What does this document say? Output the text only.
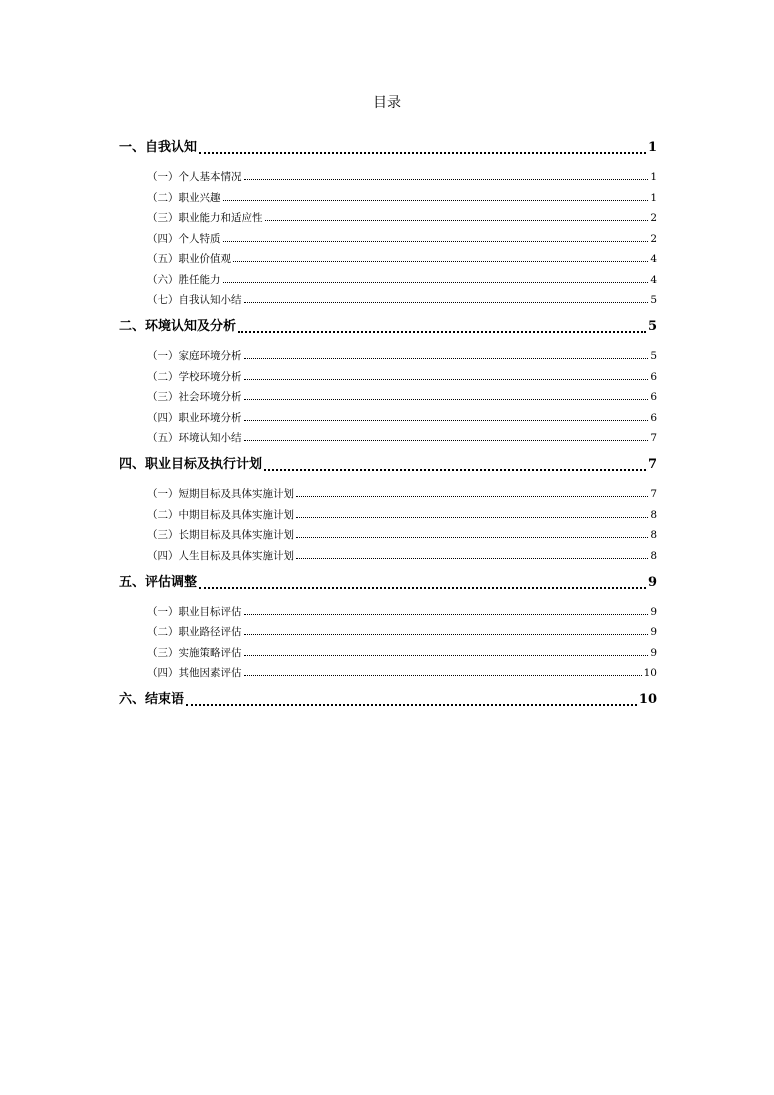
目录
一、自我认知	1
（一）个人基本情况	1
（二）职业兴趣	1
（三）职业能力和适应性	2
（四）个人特质	2
（五）职业价值观	4
（六）胜任能力	4
（七）自我认知小结	5
二、环境认知及分析	5
（一）家庭环境分析	5
（二）学校环境分析	6
（三）社会环境分析	6
（四）职业环境分析	6
（五）环境认知小结	7
四、职业目标及执行计划	7
（一）短期目标及具体实施计划	7
（二）中期目标及具体实施计划	8
（三）长期目标及具体实施计划	8
（四）人生目标及具体实施计划	8
五、评估调整	9
（一）职业目标评估	9
（二）职业路径评估	9
（三）实施策略评估	9
（四）其他因素评估	10
六、结束语	10
